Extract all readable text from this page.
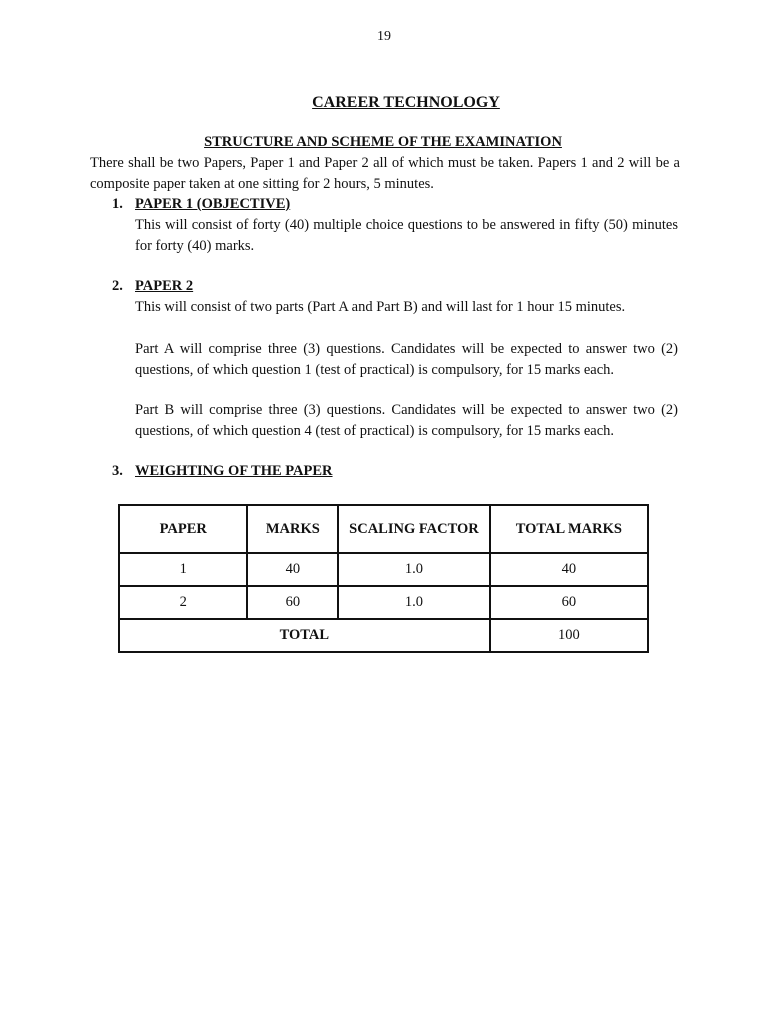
19
CAREER TECHNOLOGY
STRUCTURE AND SCHEME OF THE EXAMINATION
There shall be two Papers, Paper 1 and Paper 2 all of which must be taken. Papers 1 and 2 will be a composite paper taken at one sitting for 2 hours, 5 minutes.
1. PAPER 1 (OBJECTIVE)
This will consist of forty (40) multiple choice questions to be answered in fifty (50) minutes for forty (40) marks.
2. PAPER 2
This will consist of two parts (Part A and Part B) and will last for 1 hour 15 minutes.
Part A will comprise three (3) questions. Candidates will be expected to answer two (2) questions, of which question 1 (test of practical) is compulsory, for 15 marks each.
Part B will comprise three (3) questions. Candidates will be expected to answer two (2) questions, of which question 4 (test of practical) is compulsory, for 15 marks each.
3. WEIGHTING OF THE PAPER
PAPER	MARKS	SCALING FACTOR	TOTAL MARKS
1	40	1.0	40
2	60	1.0	60
TOTAL			100
